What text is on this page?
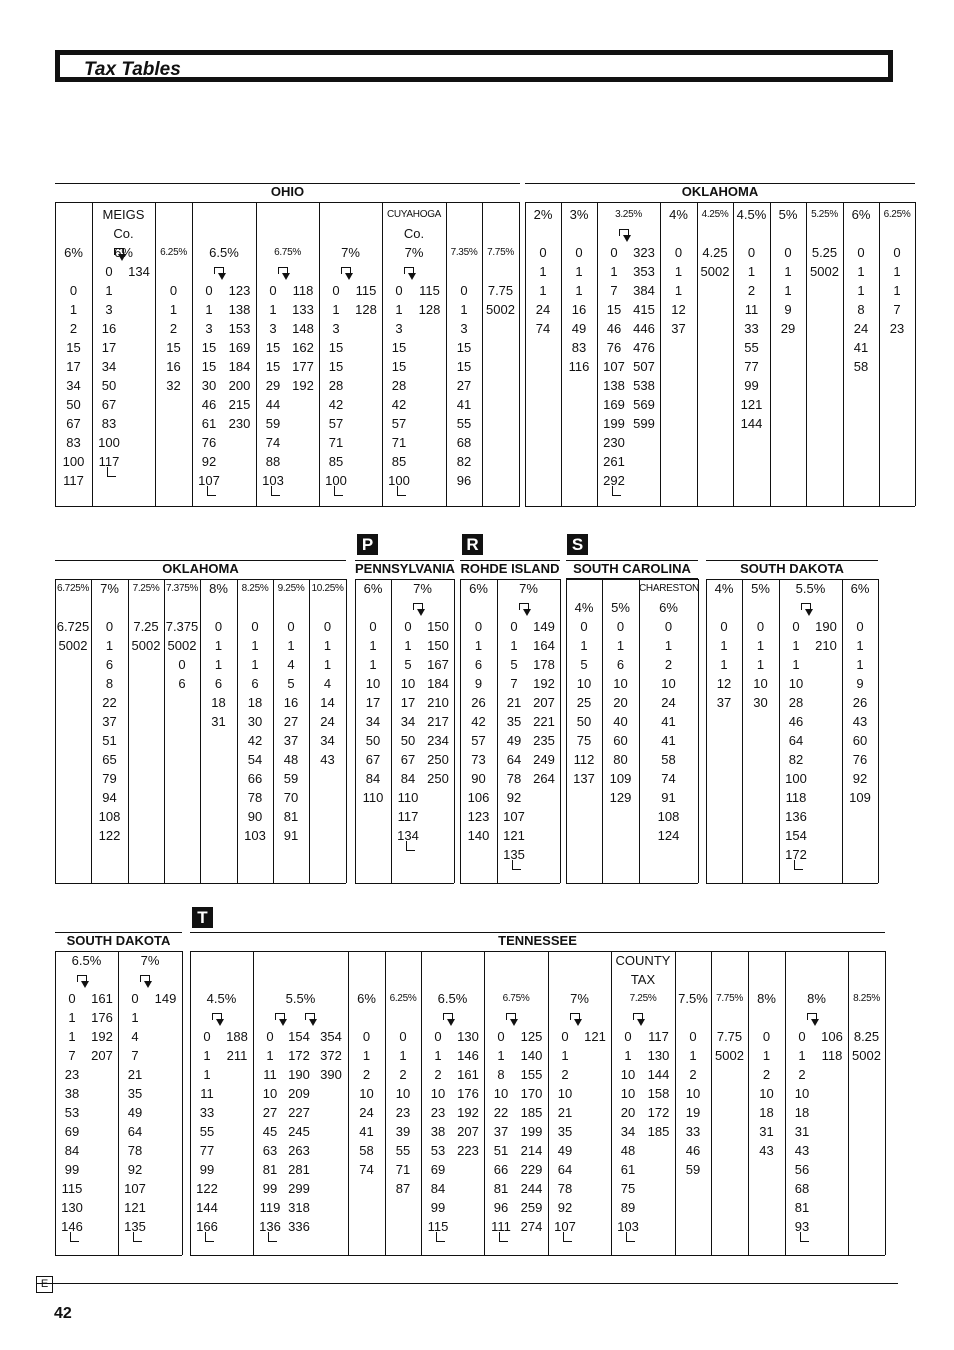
Tax Tables
P	R	S
T
E
42
OHIO
MEIGS
Co.
CUYAHOGA
Co.
6%
0
1
2
15
17
34
50
67
83
100
117
6%
0
1
3
16
17
34
50
67
83
100
117
134
6.25%
0
1
2
15
16
32
6.5%
0
1
3
15
15
30
46
61
76
92
107
123
138
153
169
184
200
215
230
6.75%
0
1
3
15
15
29
44
59
74
88
103
118
133
148
162
177
192
7%
0
1
3
15
15
28
42
57
71
85
100
115
128
7%
0
1
3
15
15
28
42
57
71
85
100
115
128
7.35%
0
1
3
15
15
27
41
55
68
82
96
7.75%
7.75
5002
OKLAHOMA
2%
0
1
1
24
74
3%
0
1
1
16
49
83
116
3.25%
0
1
7
15
46
76
107
138
169
199
230
261
292
323
353
384
415
446
476
507
538
569
599
4%
0
1
1
12
37
4.25%
4.25
5002
4.5%
0
1
2
11
33
55
77
99
121
144
5%
0
1
1
9
29
5.25%
5.25
5002
6%
0
1
1
8
24
41
58
6.25%
0
1
1
7
23
OKLAHOMA
6.725%
6.725
5002
7%
0
1
6
8
22
37
51
65
79
94
108
122
7.25%
7.25
5002
7.375%
7.375
5002
0
6
8%
0
1
1
6
18
31
8.25%
0
1
1
6
18
30
42
54
66
78
90
103
9.25%
0
1
4
5
16
27
37
48
59
70
81
91
10.25%
0
1
1
4
14
24
34
43
PENNSYLVANIA
6%
0
1
1
10
17
34
50
67
84
110
7%
0
1
5
10
17
34
50
67
84
110
117
134
150
150
167
184
210
217
234
250
250
ROHDE ISLAND
6%
0
1
6
9
26
42
57
73
90
106
123
140
7%
0
1
5
7
21
35
49
64
78
92
107
121
135
149
164
178
192
207
221
235
249
264
SOUTH CAROLINA
CHARESTON
4%
0
1
5
10
25
50
75
112
137
5%
0
1
6
10
20
40
60
80
109
129
6%
0
1
2
10
24
41
41
58
74
91
108
124
SOUTH DAKOTA
4%
0
1
1
12
37
5%
0
1
1
10
30
5.5%
0
1
1
10
28
46
64
82
100
118
136
154
172
190
210
6%
0
1
1
9
26
43
60
76
92
109
SOUTH DAKOTA
6.5%
0
1
1
7
23
38
53
69
84
99
115
130
146
161
176
192
207
7%
0
1
4
7
21
35
49
64
78
92
107
121
135
149
TENNESSEE
COUNTY
TAX
4.5%
0
1
1
11
33
55
77
99
122
144
166
188
211
5.5%
0
1
11
10
27
45
63
81
99
119
136
154
172
190
209
227
245
263
281
299
318
336
354
372
390
6%
0
1
2
10
24
41
58
74
6.25%
0
1
2
10
23
39
55
71
87
6.5%
0
1
2
10
23
38
53
69
84
99
115
130
146
161
176
192
207
223
6.75%
0
1
8
10
22
37
51
66
81
96
111
125
140
155
170
185
199
214
229
244
259
274
7%
0
1
2
10
21
35
49
64
78
92
107
121
7.25%
0
1
10
10
20
34
48
61
75
89
103
117
130
144
158
172
185
7.5%
0
1
2
10
19
33
46
59
7.75%
7.75
5002
8%
0
1
2
10
18
31
43
8%
0
1
2
10
18
31
43
56
68
81
93
106
118
8.25%
8.25
5002
